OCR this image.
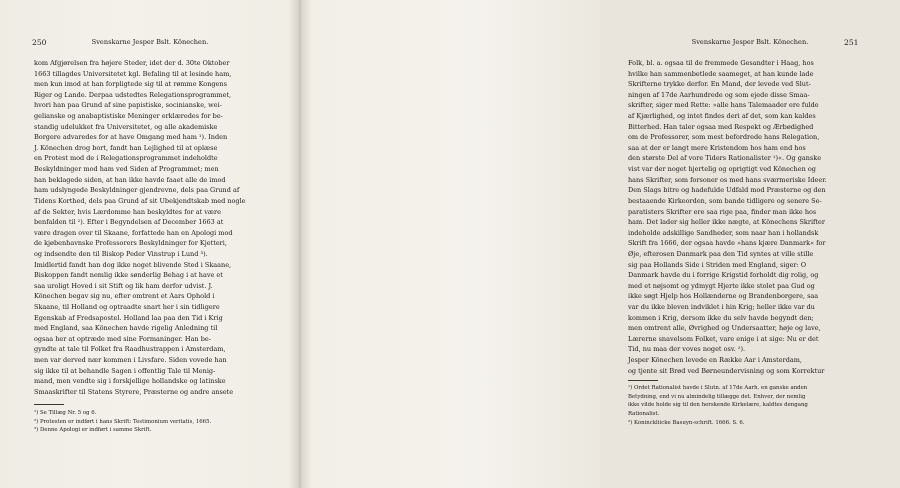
250	Svenskarne Jesper Bslt. Könechen.
kom Afgjørelsen fra højere Steder, idet der d. 30te Oktober
1663 tillagdes Universitetet kgl. Befaling til at lesinde ham,
men kun imod at han forpligtede sig til at rømme Kongens
Riger og Lande. Derpaa udstedtes Relegationsprogrammet,
hvori han paa Grund af sine papistiske, socinianske, wei-
gelianske og anabaptistiske Meninger erklæredes for be-
standig udelukket fra Universitetet, og alle akademiske
Borgere advaredes for at have Omgang med ham ¹). Inden
J. Könechen drog bort, fandt han Lejlighed til at oplæse
en Protest mod de i Relegationsprogrammet indeholdte
Beskyldninger mod ham ved Siden af Programmet; men
han beklagede siden, at han ikke havde faaet alle de imod
ham udslyngede Beskyldninger gjendrevne, dels paa Grund af
Tidens Korthed, dels paa Grund af sit Ubekjendtskab med nogle
af de Sekter, hvis Lærdomme han beskyldtes for at være
benfalden til ²). Efter i Begyndelsen af December 1663 at
være dragen over til Skaane, forfattede han en Apologi mod
de kjøbenhavnske Professorers Beskyldninger for Kjetteri,
og indsendte den til Biskop Peder Vinstrup i Lund ³).
Imidlertid fandt han dog ikke noget blivende Sted i Skaane,
Biskoppen fandt nemlig ikke sønderlig Behag i at have et
saa uroligt Hoved i sit Stift og lik ham derfor udvist. J.
Könechen begav sig nu, efter omtrent et Aars Ophold i
Skaane, til Holland og optraadte snart her i sin tidligere
Egenskab af Fredsapostel. Holland laa paa den Tid i Krig
med England, saa Könechen havde rigelig Anledning til
ogsaa her at optræde med sine Formaninger. Han be-
gyndte at tale til Folket fra Raadhustrappen i Amsterdam,
men var derved nær kommen i Livsfare. Siden vovede han
sig ikke til at behandle Sagen i offentlig Tale til Menig-
mand, men vendte sig i forskjellige hollandske og latinske
Smaaskrifter til Statens Styrere, Præsterne og andre ansete
¹) Se Tillæg Nr. 5 og 6.
²) Protesten er indført i hans Skrift: Testimonium veritatis, 1665.
³) Denne Apologi er indført i samme Skrift.
Svenskarne Jesper Bslt. Könechen.	251
Folk, bl. a. ogsaa til de fremmede Gesandter i Haag, hos
hvilke han sammenbetlede saameget, at han kunde lade
Skrifterne trykke derfor. En Mand, der levede ved Slut-
ningen af 17de Aarhundrede og som ejede disse Smaa-
skrifter, siger med Rette: »alle hans Talemaader ere fulde
af Kjærlighed, og intet findes deri af det, som kan kaldes
Bitterhed. Han taler ogsaa med Respekt og Ærbødighed
om de Professorer, som mest befordrede hans Relegation,
saa at der er langt mere Kristendom hos ham end hos
den største Del af vore Tiders Rationalister ¹)«. Og ganske
vist var der noget hjertelig og oprigtigt ved Könechen og
hans Skrifter, som forsoner os med hans sværmeriske Ideer.
Den Slags bitre og hadefulde Udfald mod Præsterne og den
bestaaende Kirkeorden, som bande tidligere og senere Se-
paratisters Skrifter ere saa rige paa, finder man ikke hos
ham. Det lader sig heller ikke nægte, at Könechens Skrifter
indeholde adskillige Sandheder, som naar han i hollandsk
Skrift fra 1666, der ogsaa havde »hans kjære Danmark« for
Øje, efterosen Danmark paa den Tid syntes at ville stille
sig paa Hollands Side i Striden med England, siger: O
Danmark havde du i forrige Krigstid forholdt dig rolig, og
med et nøjsomt og ydmygt Hjerte ikke stolet paa Gud og
ikke søgt Hjelp hos Hollænderne og Brandenborgere, saa
var du ikke bleven indviklet i hin Krig; heller ikke var du
kommen i Krig, dersom ikke du selv havde begyndt den;
men omtrent alle, Øvrighed og Undersaatter, høje og lave,
Lærerne snavelsom Folket, vare enige i at sige: Nu er det
Tid, nu maa der voves noget osv. ²).
Jesper Könechen levede en Række Aar i Amsterdam,
og tjente sit Brød ved Børneundervisning og som Korrektur
¹) Ordet Rationalist havde i Slutn. af 17de Aarh. en ganske anden
Betydning, end vi nu almindelig tillægge det. Enhver, der nemlig
ikke vilde holde sig til den herskende Kirkelære, kaldtes dengang
Rationalist.
²) Koninckliicke Basuyn-schrift. 1666. S. 6.
